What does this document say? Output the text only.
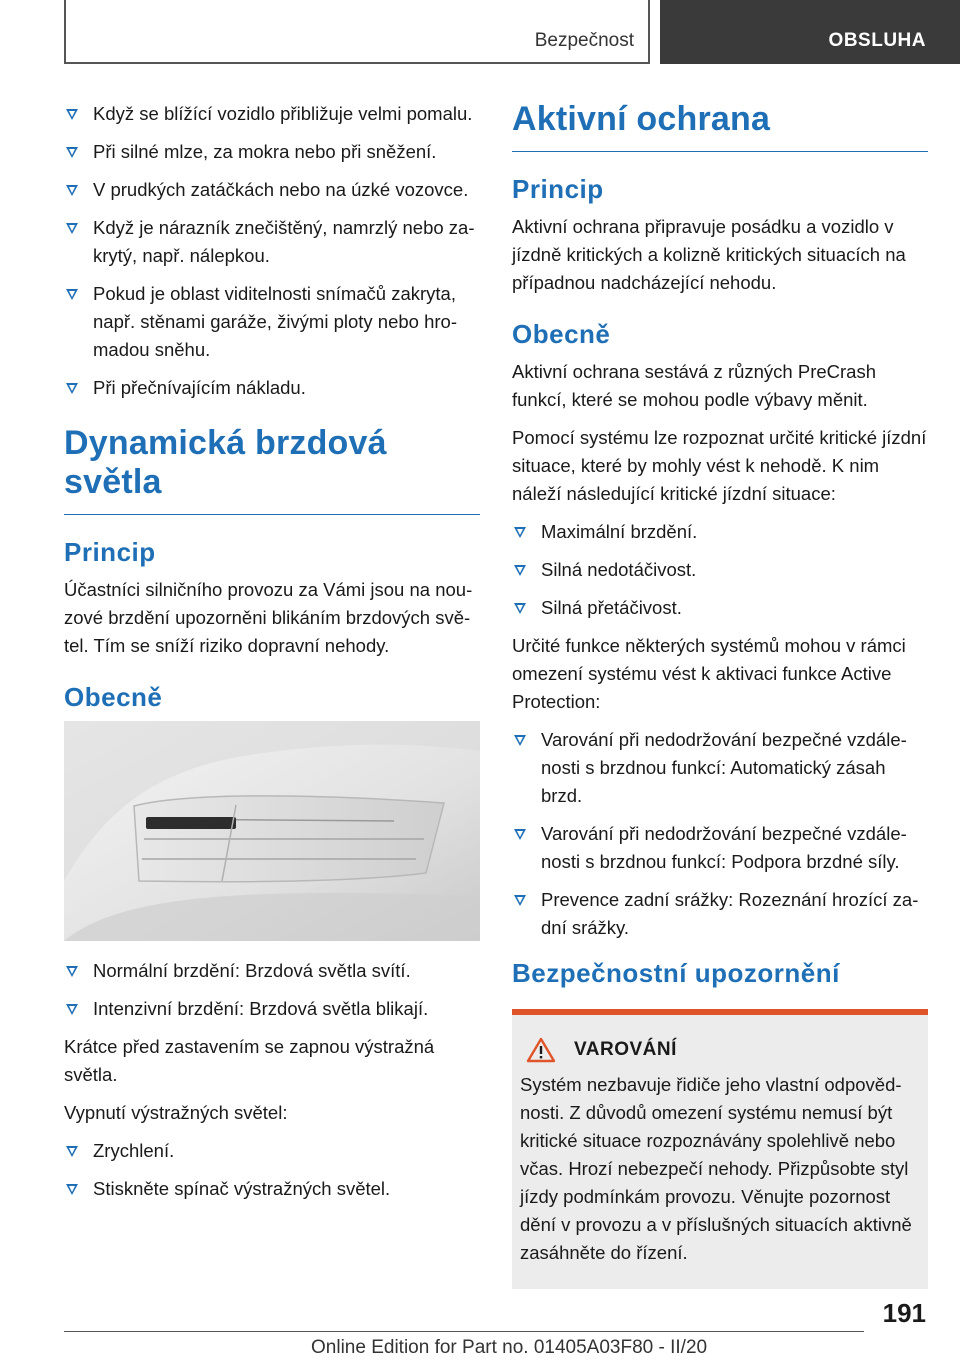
Bezpečnost	OBSLUHA
Když se blížící vozidlo přibližuje velmi pomalu.
Při silné mlze, za mokra nebo při sněžení.
V prudkých zatáčkách nebo na úzké vozovce.
Když je nárazník znečištěný, namrzlý nebo za- krytý, např. nálepkou.
Pokud je oblast viditelnosti snímačů zakryta, např. stěnami garáže, živými ploty nebo hro- madou sněhu.
Při přečnívajícím nákladu.
Dynamická brzdová světla
Princip

Účastníci silničního provozu za Vámi jsou na nou- zové brzdění upozorněni blikáním brzdových svě- tel. Tím se sníží riziko dopravní nehody.

Obecně
Normální brzdění: Brzdová světla svítí.
Intenzivní brzdění: Brzdová světla blikají.

Krátce před zastavením se zapnou výstražná světla.

Vypnutí výstražných světel:

Zrychlení.
Stiskněte spínač výstražných světel.
Aktivní ochrana
Princip

Aktivní ochrana připravuje posádku a vozidlo v jízdně kritických a kolizně kritických situacích na případnou nadcházející nehodu.

Obecně

Aktivní ochrana sestává z různých PreCrash funkcí, které se mohou podle výbavy měnit.

Pomocí systému lze rozpoznat určité kritické jízdní situace, které by mohly vést k nehodě. K nim náleží následující kritické jízdní situace:

Maximální brzdění.
Silná nedotáčivost.
Silná přetáčivost.

Určité funkce některých systémů mohou v rámci omezení systému vést k aktivaci funkce Active Protection:

Varování při nedodržování bezpečné vzdále- nosti s brzdnou funkcí: Automatický zásah brzd.
Varování při nedodržování bezpečné vzdále- nosti s brzdnou funkcí: Podpora brzdné síly.
Prevence zadní srážky: Rozeznání hrozící za- dní srážky.
Bezpečnostní upozornění
VAROVÁNÍ

Systém nezbavuje řidiče jeho vlastní odpověd- nosti. Z důvodů omezení systému nemusí být kritické situace rozpoznávány spolehlivě nebo včas. Hrozí nebezpečí nehody. Přizpůsobte styl jízdy podmínkám provozu. Věnujte pozornost dění v provozu a v příslušných situacích aktivně zasáhněte do řízení.

191
Online Edition for Part no. 01405A03F80 - II/20
